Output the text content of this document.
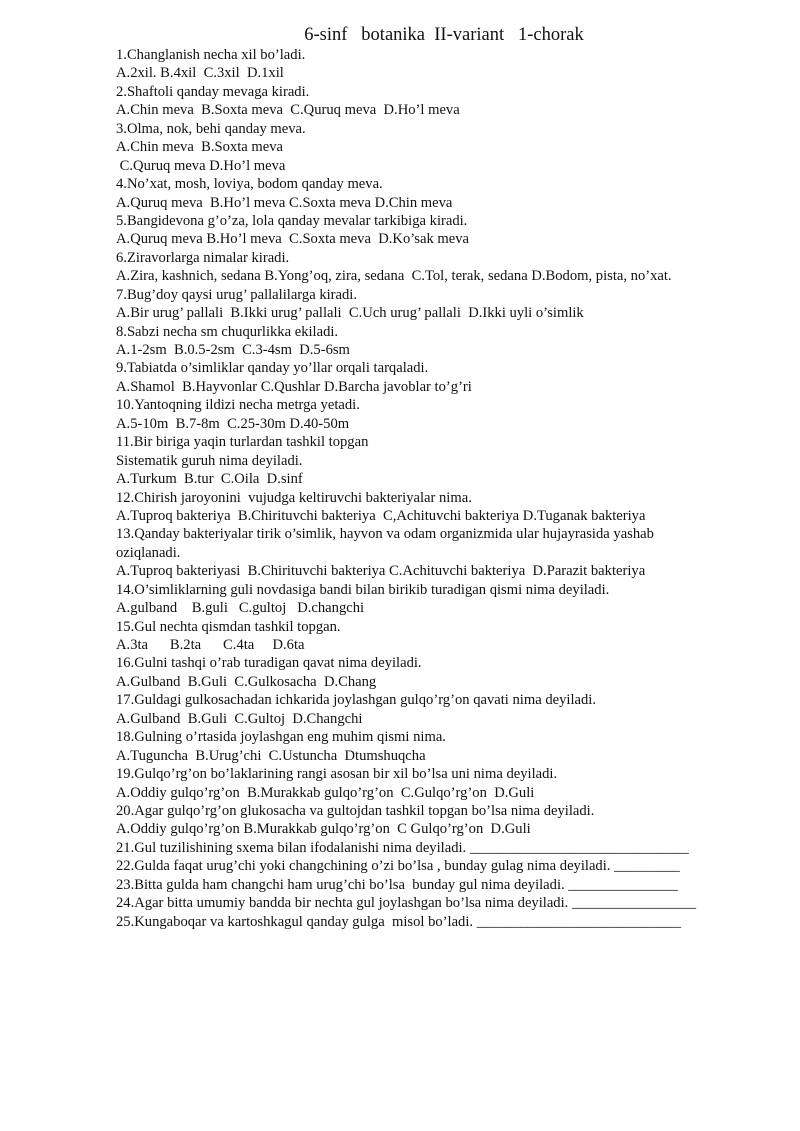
6-sinf   botanika  II-variant   1-chorak
1.Changlanish necha xil bo’ladi.
A.2xil. B.4xil  C.3xil  D.1xil
2.Shaftoli qanday mevaga kiradi.
A.Chin meva  B.Soxta meva  C.Quruq meva  D.Ho’l meva
3.Olma, nok, behi qanday meva.
A.Chin meva  B.Soxta meva
C.Quruq meva D.Ho’l meva
4.No’xat, mosh, loviya, bodom qanday meva.
A.Quruq meva  B.Ho’l meva C.Soxta meva D.Chin meva
5.Bangidevona g’o’za, lola qanday mevalar tarkibiga kiradi.
A.Quruq meva B.Ho’l meva  C.Soxta meva  D.Ko’sak meva
6.Ziravorlarga nimalar kiradi.
A.Zira, kashnich, sedana B.Yong’oq, zira, sedana  C.Tol, terak, sedana D.Bodom, pista, no’xat.
7.Bug’doy qaysi urug’ pallalilarga kiradi.
A.Bir urug’ pallali  B.Ikki urug’ pallali  C.Uch urug’ pallali  D.Ikki uyli o’simlik
8.Sabzi necha sm chuqurlikka ekiladi.
A.1-2sm  B.0.5-2sm  C.3-4sm  D.5-6sm
9.Tabiatda o’simliklar qanday yo’llar orqali tarqaladi.
A.Shamol  B.Hayvonlar C.Qushlar D.Barcha javoblar to’g’ri
10.Yantoqning ildizi necha metrga yetadi.
A.5-10m  B.7-8m  C.25-30m D.40-50m
11.Bir biriga yaqin turlardan tashkil topgan
Sistematik guruh nima deyiladi.
A.Turkum  B.tur  C.Oila  D.sinf
12.Chirish jaroyonini  vujudga keltiruvchi bakteriyalar nima.
A.Tuproq bakteriya  B.Chirituvchi bakteriya  C,Achituvchi bakteriya D.Tuganak bakteriya
13.Qanday bakteriyalar tirik o’simlik, hayvon va odam organizmida ular hujayrasida yashab
oziqlanadi.
A.Tuproq bakteriyasi  B.Chirituvchi bakteriya C.Achituvchi bakteriya  D.Parazit bakteriya
14.O’simliklarning guli novdasiga bandi bilan birikib turadigan qismi nima deyiladi.
A.gulband    B.guli   C.gultoj   D.changchi
15.Gul nechta qismdan tashkil topgan.
A.3ta      B.2ta      C.4ta     D.6ta
16.Gulni tashqi o’rab turadigan qavat nima deyiladi.
A.Gulband  B.Guli  C.Gulkosacha  D.Chang
17.Guldagi gulkosachadan ichkarida joylashgan gulqo’rg’on qavati nima deyiladi.
A.Gulband  B.Guli  C.Gultoj  D.Changchi
18.Gulning o’rtasida joylashgan eng muhim qismi nima.
A.Tuguncha  B.Urug’chi  C.Ustuncha  Dtumshuqcha
19.Gulqo’rg’on bo’laklarining rangi asosan bir xil bo’lsa uni nima deyiladi.
A.Oddiy gulqo’rg’on  B.Murakkab gulqo’rg’on  C.Gulqo’rg’on  D.Guli
20.Agar gulqo’rg’on glukosacha va gultojdan tashkil topgan bo’lsa nima deyiladi.
A.Oddiy gulqo’rg’on B.Murakkab gulqo’rg’on  C Gulqo’rg’on  D.Guli
21.Gul tuzilishining sxema bilan ifodalanishi nima deyiladi. ______________________________
22.Gulda faqat urug’chi yoki changchining o’zi bo’lsa , bunday gulag nima deyiladi. _________
23.Bitta gulda ham changchi ham urug’chi bo’lsa  bunday gul nima deyiladi. _______________
24.Agar bitta umumiy bandda bir nechta gul joylashgan bo’lsa nima deyiladi. _________________
25.Kungaboqar va kartoshkagul qanday gulga  misol bo’ladi. ____________________________
